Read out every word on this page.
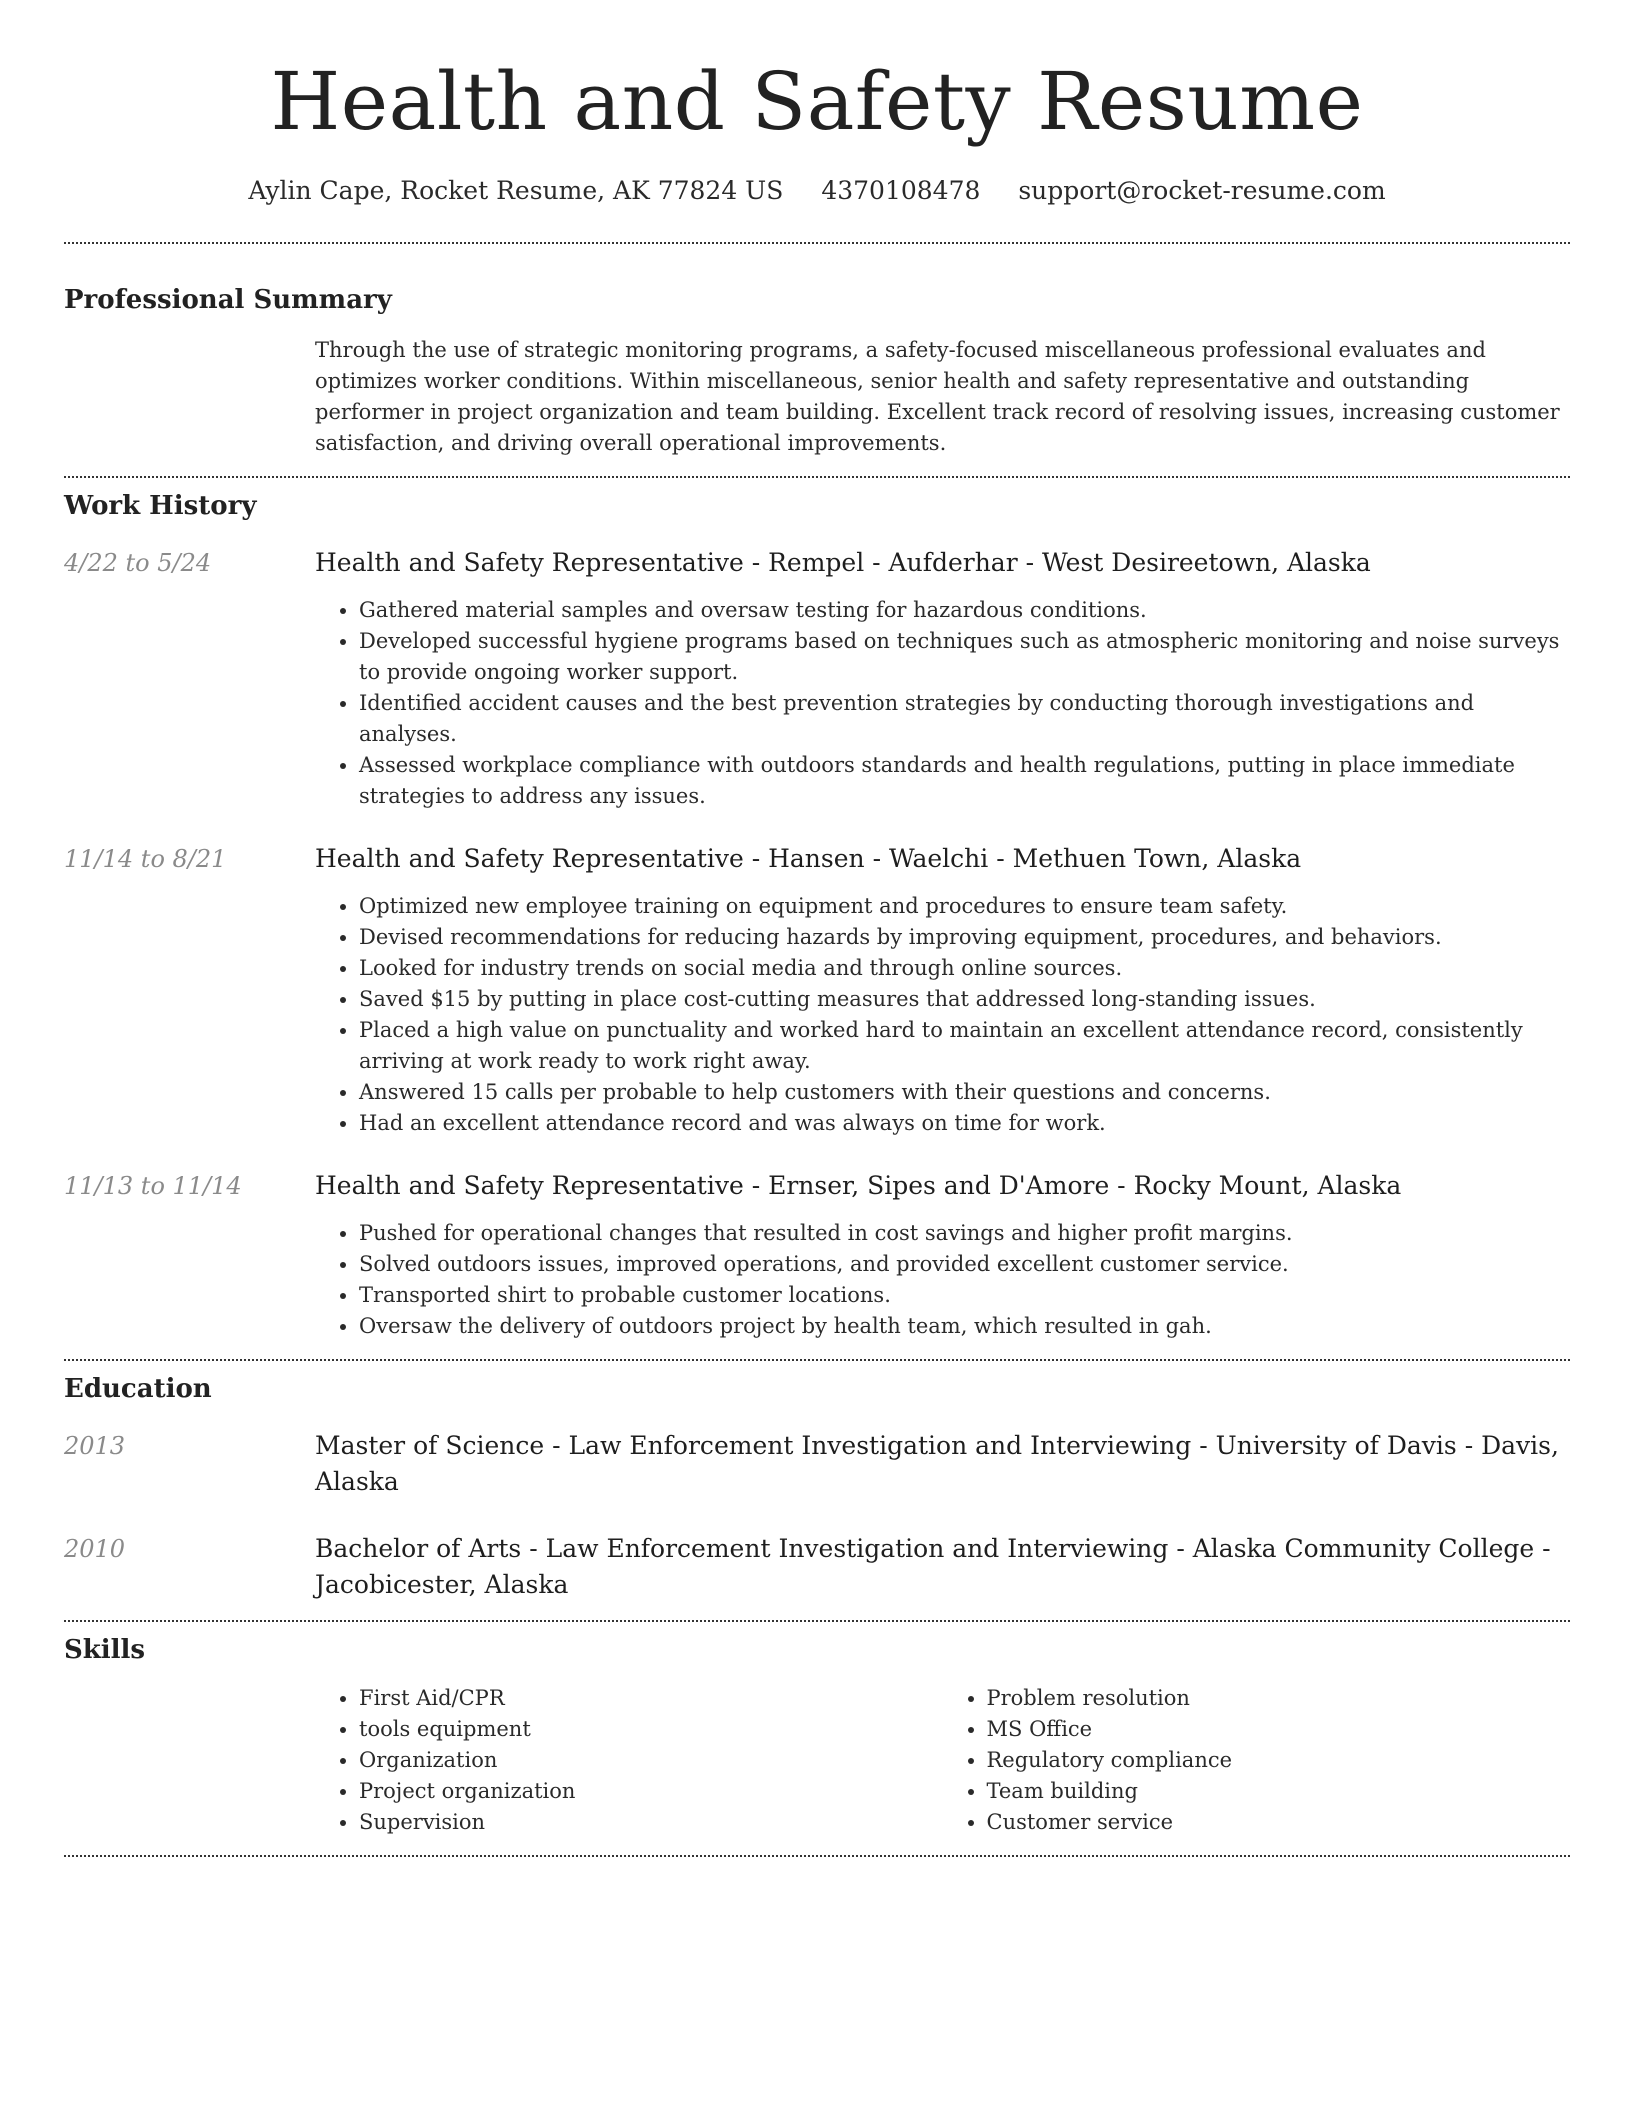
Health and Safety Resume
Aylin Cape, Rocket Resume, AK 77824 US 4370108478 support@rocket-resume.com
Professional Summary
Through the use of strategic monitoring programs, a safety-focused miscellaneous professional evaluates and optimizes worker conditions. Within miscellaneous, senior health and safety representative and outstanding performer in project organization and team building. Excellent track record of resolving issues, increasing customer satisfaction, and driving overall operational improvements.
Work History
4/22 to 5/24	Health and Safety Representative - Rempel - Aufderhar - West Desireetown, Alaska
• Gathered material samples and oversaw testing for hazardous conditions.
• Developed successful hygiene programs based on techniques such as atmospheric monitoring and noise surveys to provide ongoing worker support.
• Identified accident causes and the best prevention strategies by conducting thorough investigations and analyses.
• Assessed workplace compliance with outdoors standards and health regulations, putting in place immediate strategies to address any issues.
11/14 to 8/21	Health and Safety Representative - Hansen - Waelchi - Methuen Town, Alaska
• Optimized new employee training on equipment and procedures to ensure team safety.
• Devised recommendations for reducing hazards by improving equipment, procedures, and behaviors.
• Looked for industry trends on social media and through online sources.
• Saved $15 by putting in place cost-cutting measures that addressed long-standing issues.
• Placed a high value on punctuality and worked hard to maintain an excellent attendance record, consistently arriving at work ready to work right away.
• Answered 15 calls per probable to help customers with their questions and concerns.
• Had an excellent attendance record and was always on time for work.
11/13 to 11/14	Health and Safety Representative - Ernser, Sipes and D'Amore - Rocky Mount, Alaska
• Pushed for operational changes that resulted in cost savings and higher profit margins.
• Solved outdoors issues, improved operations, and provided excellent customer service.
• Transported shirt to probable customer locations.
• Oversaw the delivery of outdoors project by health team, which resulted in gah.
Education
2013	Master of Science - Law Enforcement Investigation and Interviewing - University of Davis - Davis, Alaska
2010	Bachelor of Arts - Law Enforcement Investigation and Interviewing - Alaska Community College - Jacobicester, Alaska
Skills
• First Aid/CPR
• tools equipment
• Organization
• Project organization
• Supervision
• Problem resolution
• MS Office
• Regulatory compliance
• Team building
• Customer service
